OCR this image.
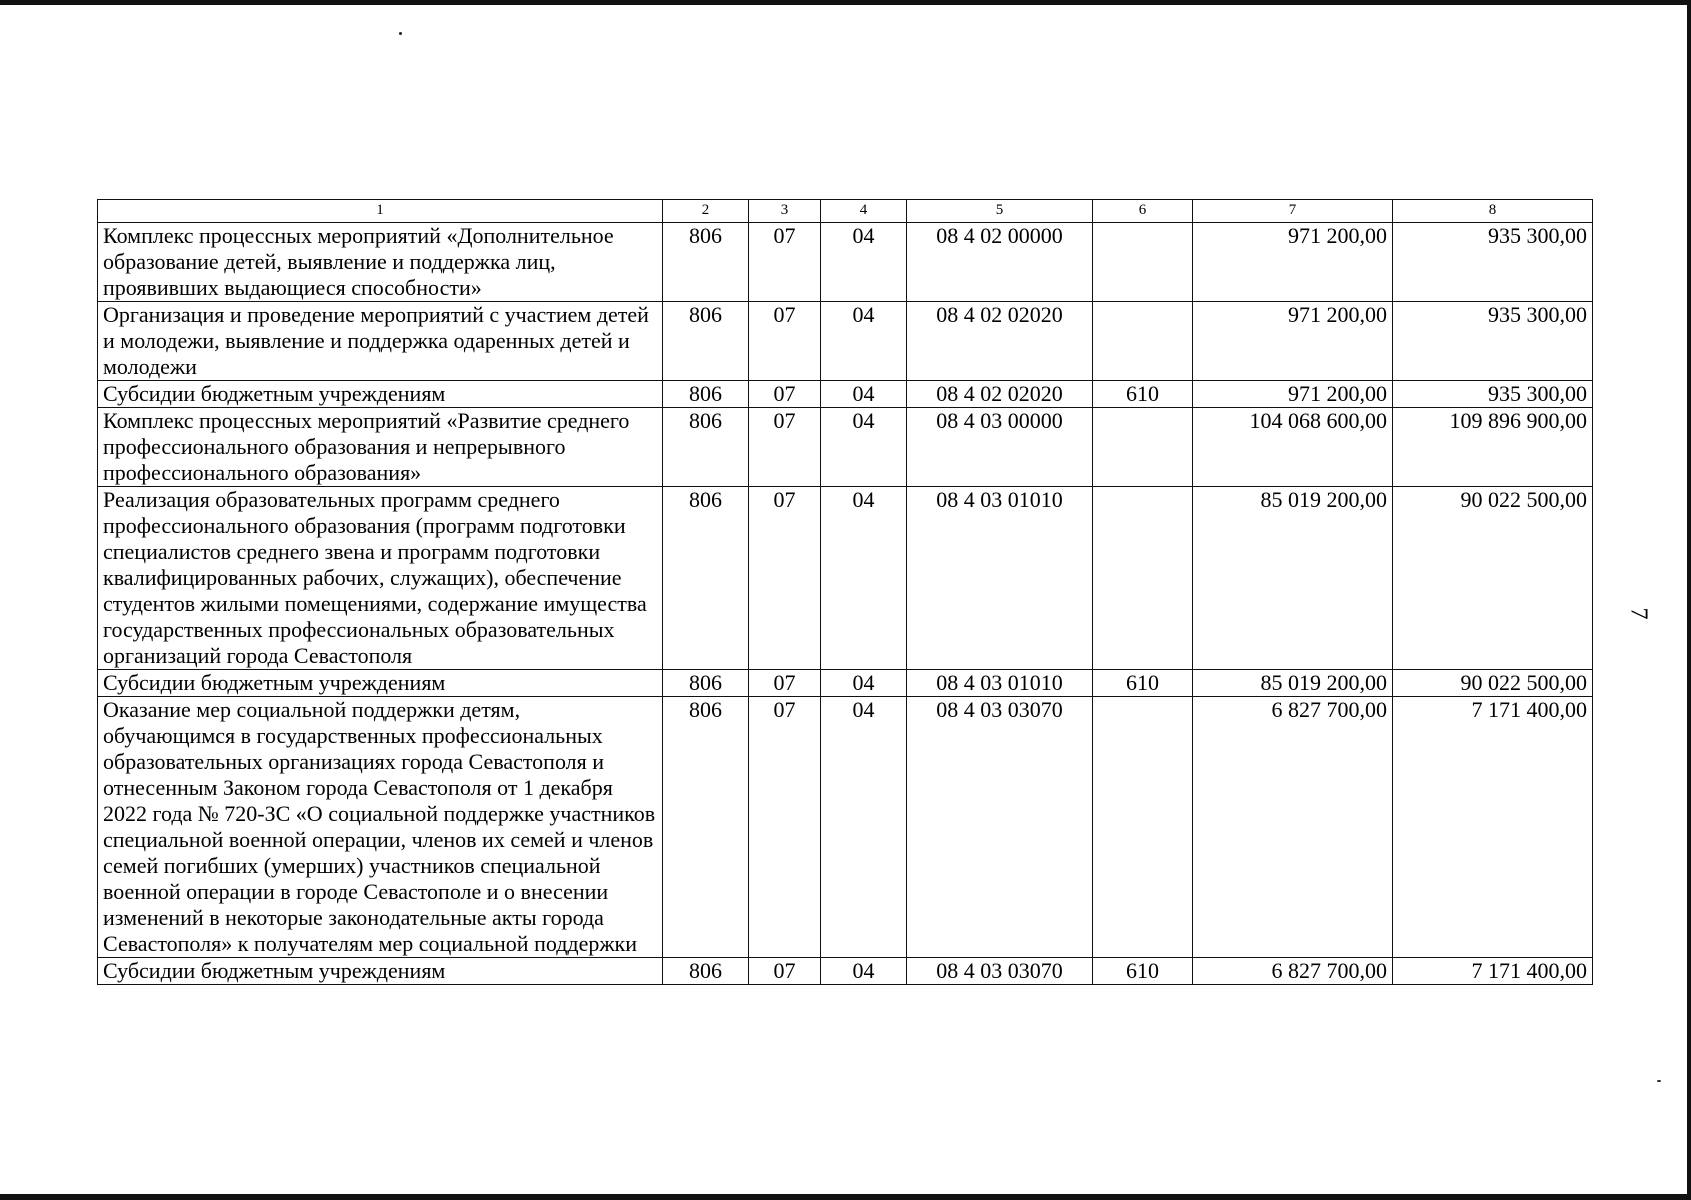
7
1	2	3	4	5	6	7	8
Комплекс процессных мероприятий «Дополнительное образование детей, выявление и поддержка лиц, проявивших выдающиеся способности»	806	07	04	08 4 02 00000		971 200,00	935 300,00
Организация и проведение мероприятий с участием детей и молодежи, выявление и поддержка одаренных детей и молодежи	806	07	04	08 4 02 02020		971 200,00	935 300,00
Субсидии бюджетным учреждениям	806	07	04	08 4 02 02020	610	971 200,00	935 300,00
Комплекс процессных мероприятий «Развитие среднего профессионального образования и непрерывного профессионального образования»	806	07	04	08 4 03 00000		104 068 600,00	109 896 900,00
Реализация образовательных программ среднего профессионального образования (программ подготовки специалистов среднего звена и программ подготовки квалифицированных рабочих, служащих), обеспечение студентов жилыми помещениями, содержание имущества государственных профессиональных образовательных организаций города Севастополя	806	07	04	08 4 03 01010		85 019 200,00	90 022 500,00
Субсидии бюджетным учреждениям	806	07	04	08 4 03 01010	610	85 019 200,00	90 022 500,00
Оказание мер социальной поддержки детям, обучающимся в государственных профессиональных образовательных организациях города Севастополя и отнесенным Законом города Севастополя от 1 декабря 2022 года № 720-ЗС «О социальной поддержке участников специальной военной операции, членов их семей и членов семей погибших (умерших) участников специальной военной операции в городе Севастополе и о внесении изменений в некоторые законодательные акты города Севастополя» к получателям мер социальной поддержки	806	07	04	08 4 03 03070		6 827 700,00	7 171 400,00
Субсидии бюджетным учреждениям	806	07	04	08 4 03 03070	610	6 827 700,00	7 171 400,00
